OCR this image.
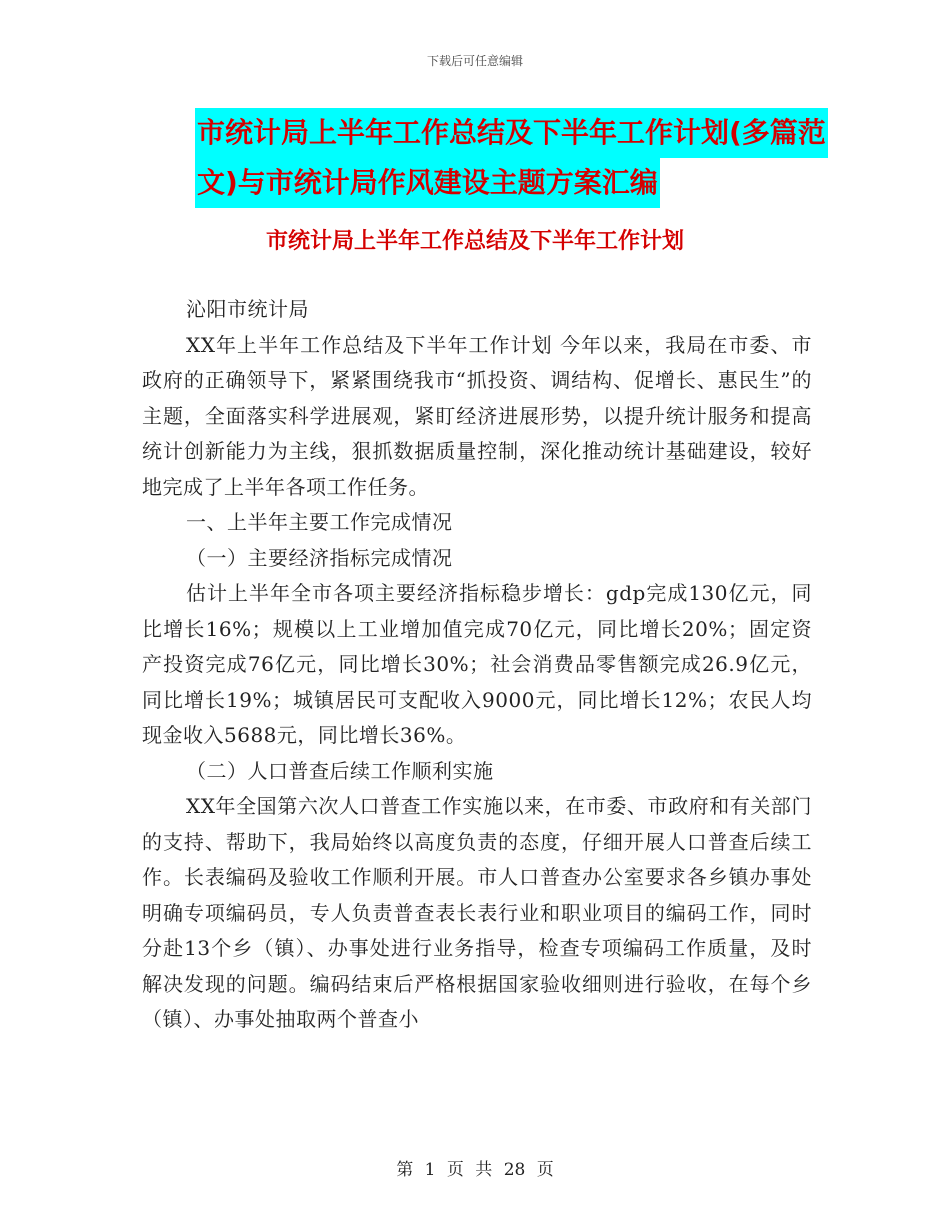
下载后可任意编辑
市统计局上半年工作总结及下半年工作计划(多篇范
文)与市统计局作风建设主题方案汇编
市统计局上半年工作总结及下半年工作计划

沁阳市统计局

XX年上半年工作总结及下半年工作计划 今年以来，我局在市委、市政府的正确领导下，紧紧围绕我市“抓投资、调结构、促增长、惠民生”的主题，全面落实科学进展观，紧盯经济进展形势，以提升统计服务和提高统计创新能力为主线，狠抓数据质量控制，深化推动统计基础建设，较好地完成了上半年各项工作任务。

一、上半年主要工作完成情况

（一）主要经济指标完成情况

估计上半年全市各项主要经济指标稳步增长：gdp完成130亿元，同比增长16%；规模以上工业增加值完成70亿元，同比增长20%；固定资产投资完成76亿元，同比增长30%；社会消费品零售额完成26.9亿元，同比增长19%；城镇居民可支配收入9000元，同比增长12%；农民人均现金收入5688元，同比增长36%。

（二）人口普查后续工作顺利实施

XX年全国第六次人口普查工作实施以来，在市委、市政府和有关部门的支持、帮助下，我局始终以高度负责的态度，仔细开展人口普查后续工作。长表编码及验收工作顺利开展。市人口普查办公室要求各乡镇办事处明确专项编码员，专人负责普查表长表行业和职业项目的编码工作，同时分赴13个乡（镇）、办事处进行业务指导，检查专项编码工作质量，及时解决发现的问题。编码结束后严格根据国家验收细则进行验收，在每个乡（镇）、办事处抽取两个普查小

第 1 页 共 28 页
